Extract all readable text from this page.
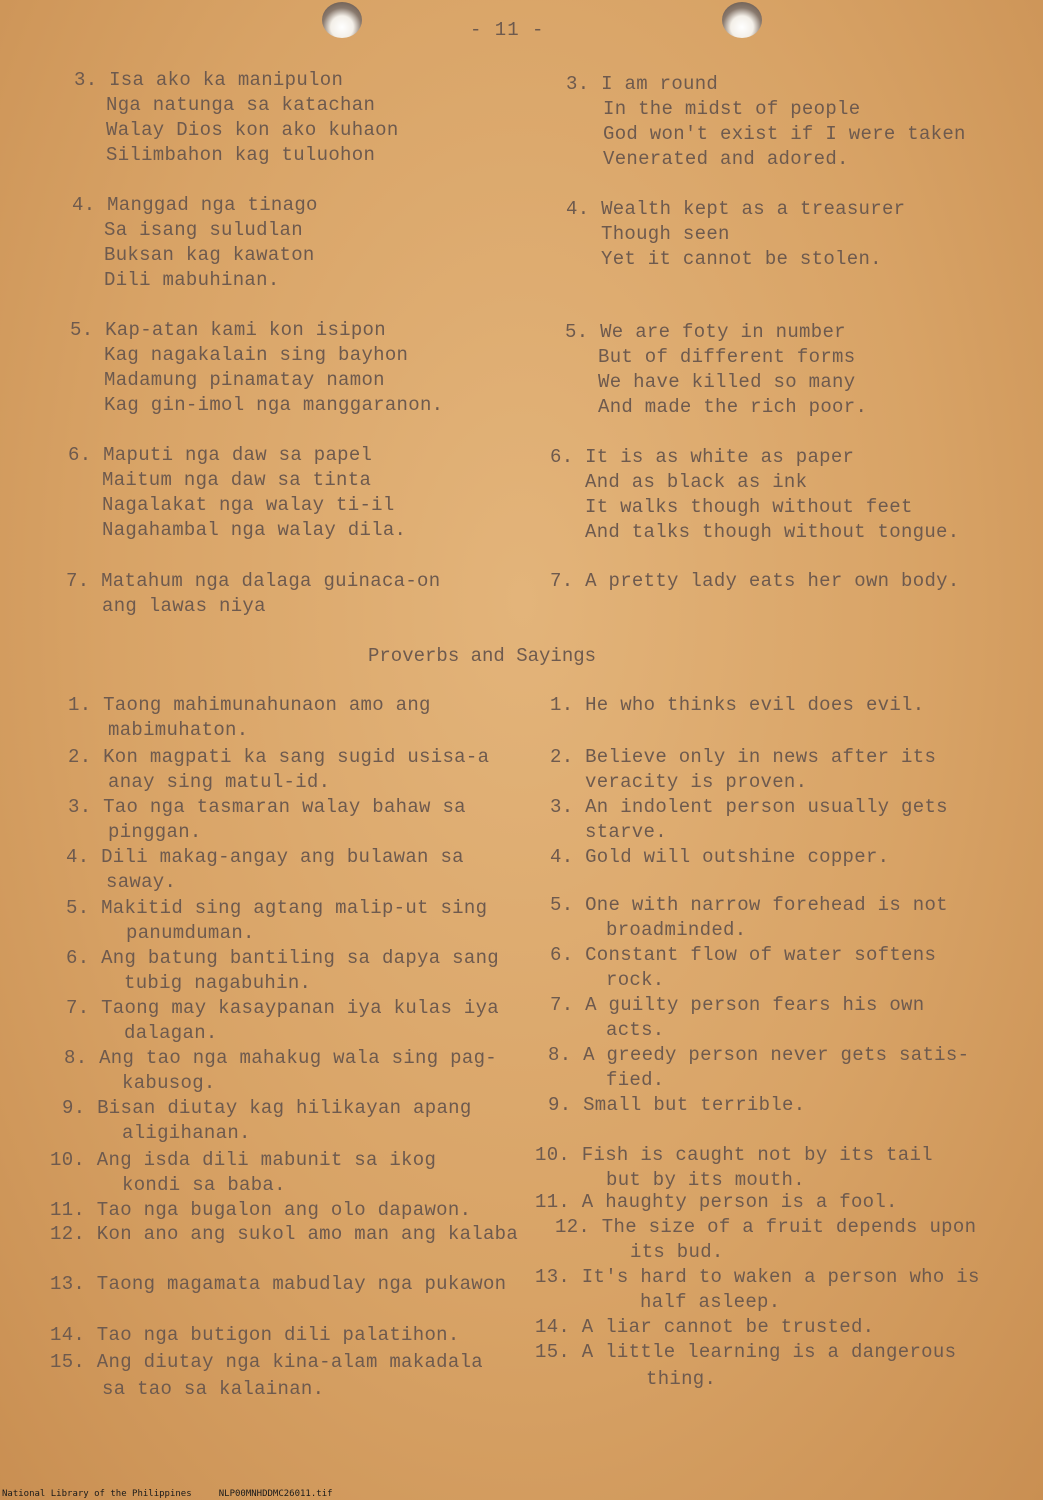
- 11 -
3. Isa ako ka manipulon
Nga natunga sa katachan
Walay Dios kon ako kuhaon
Silimbahon kag tuluohon
3. I am round
In the midst of people
God won't exist if I were taken
Venerated and adored.
4. Manggad nga tinago
Sa isang suludlan
Buksan kag kawaton
Dili mabuhinan.
4. Wealth kept as a treasurer
Though seen
Yet it cannot be stolen.
5. Kap-atan kami kon isipon
Kag nagakalain sing bayhon
Madamung pinamatay namon
Kag gin-imol nga manggaranon.
5. We are foty in number
But of different forms
We have killed so many
And made the rich poor.
6. Maputi nga daw sa papel
Maitum nga daw sa tinta
Nagalakat nga walay ti-il
Nagahambal nga walay dila.
6. It is as white as paper
And as black as ink
It walks though without feet
And talks though without tongue.
7. Matahum nga dalaga guinaca-on
ang lawas niya
7. A pretty lady eats her own body.
Proverbs and Sayings
1. Taong mahimunahunaon amo ang
mabimuhaton.
1. He who thinks evil does evil.
2. Kon magpati ka sang sugid usisa-a
anay sing matul-id.
2. Believe only in news after its
veracity is proven.
3. Tao nga tasmaran walay bahaw sa
pinggan.
3. An indolent person usually gets
starve.
4. Dili makag-angay ang bulawan sa
saway.
4. Gold will outshine copper.
5. Makitid sing agtang malip-ut sing
panumduman.
5. One with narrow forehead is not
broadminded.
6. Ang batung bantiling sa dapya sang
tubig nagabuhin.
6. Constant flow of water softens
rock.
7. Taong may kasaypanan iya kulas iya
dalagan.
7. A guilty person fears his own
acts.
8. Ang tao nga mahakug wala sing pag-
kabusog.
8. A greedy person never gets satis-
fied.
9. Bisan diutay kag hilikayan apang
aligihanan.
9. Small but terrible.
10. Ang isda dili mabunit sa ikog
kondi sa baba.
10. Fish is caught not by its tail
but by its mouth.
11. Tao nga bugalon ang olo dapawon.	11. A haughty person is a fool.
12. Kon ano ang sukol amo man ang kalaba 12. The size of a fruit depends upon
its bud.
13. Taong magamata mabudlay nga pukawon 13. It's hard to waken a person who is
half asleep.
14. Tao nga butigon dili palatihon.	14. A liar cannot be trusted.
15. Ang diutay nga kina-alam makadala
sa tao sa kalainan.
15. A little learning is a dangerous
thing.
National Library of the Philippines     NLP00MNHDDMC26011.tif
